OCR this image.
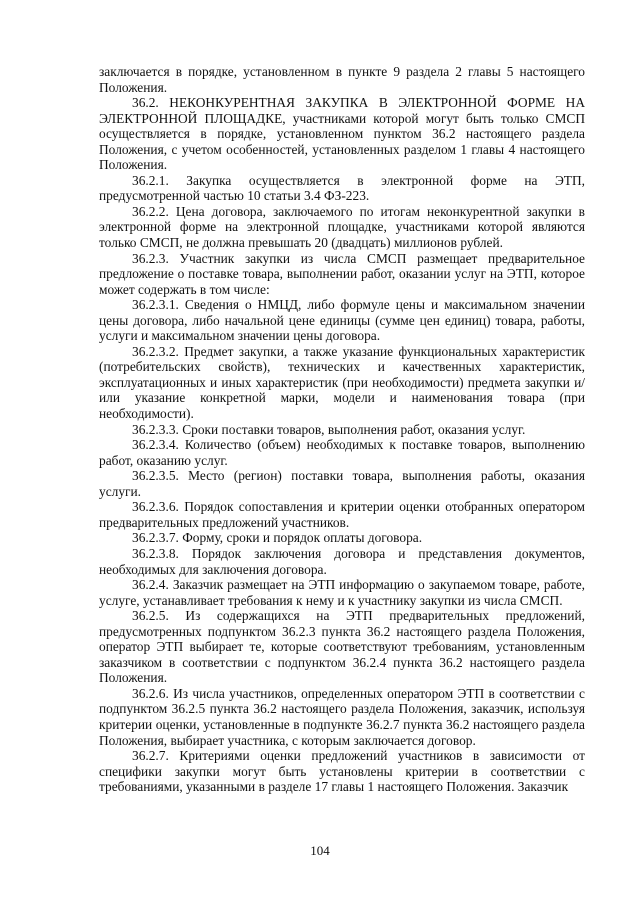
заключается в порядке, установленном в пункте 9 раздела 2 главы 5 настоящего Положения.

36.2. НЕКОНКУРЕНТНАЯ ЗАКУПКА В ЭЛЕКТРОННОЙ ФОРМЕ НА ЭЛЕКТРОННОЙ ПЛОЩАДКЕ, участниками которой могут быть только СМСП осуществляется в порядке, установленном пунктом 36.2 настоящего раздела Положения, с учетом особенностей, установленных разделом 1 главы 4 настоящего Положения.

36.2.1. Закупка осуществляется в электронной форме на ЭТП, предусмотренной частью 10 статьи 3.4 ФЗ-223.

36.2.2. Цена договора, заключаемого по итогам неконкурентной закупки в электронной форме на электронной площадке, участниками которой являются только СМСП, не должна превышать 20 (двадцать) миллионов рублей.

36.2.3. Участник закупки из числа СМСП размещает предварительное предложение о поставке товара, выполнении работ, оказании услуг на ЭТП, которое может содержать в том числе:

36.2.3.1. Сведения о НМЦД, либо формуле цены и максимальном значении цены договора, либо начальной цене единицы (сумме цен единиц) товара, работы, услуги и максимальном значении цены договора.

36.2.3.2. Предмет закупки, а также указание функциональных характеристик (потребительских свойств), технических и качественных характеристик, эксплуатационных и иных характеристик (при необходимости) предмета закупки и/или указание конкретной марки, модели и наименования товара (при необходимости).

36.2.3.3. Сроки поставки товаров, выполнения работ, оказания услуг.

36.2.3.4. Количество (объем) необходимых к поставке товаров, выполнению работ, оказанию услуг.

36.2.3.5. Место (регион) поставки товара, выполнения работы, оказания услуги.

36.2.3.6. Порядок сопоставления и критерии оценки отобранных оператором предварительных предложений участников.

36.2.3.7. Форму, сроки и порядок оплаты договора.

36.2.3.8. Порядок заключения договора и представления документов, необходимых для заключения договора.

36.2.4. Заказчик размещает на ЭТП информацию о закупаемом товаре, работе, услуге, устанавливает требования к нему и к участнику закупки из числа СМСП.

36.2.5. Из содержащихся на ЭТП предварительных предложений, предусмотренных подпунктом 36.2.3 пункта 36.2 настоящего раздела Положения, оператор ЭТП выбирает те, которые соответствуют требованиям, установленным заказчиком в соответствии с подпунктом 36.2.4 пункта 36.2 настоящего раздела Положения.

36.2.6. Из числа участников, определенных оператором ЭТП в соответствии с подпунктом 36.2.5 пункта 36.2 настоящего раздела Положения, заказчик, используя критерии оценки, установленные в подпункте 36.2.7 пункта 36.2 настоящего раздела Положения, выбирает участника, с которым заключается договор.

36.2.7. Критериями оценки предложений участников в зависимости от специфики закупки могут быть установлены критерии в соответствии с требованиями, указанными в разделе 17 главы 1 настоящего Положения. Заказчик

104
